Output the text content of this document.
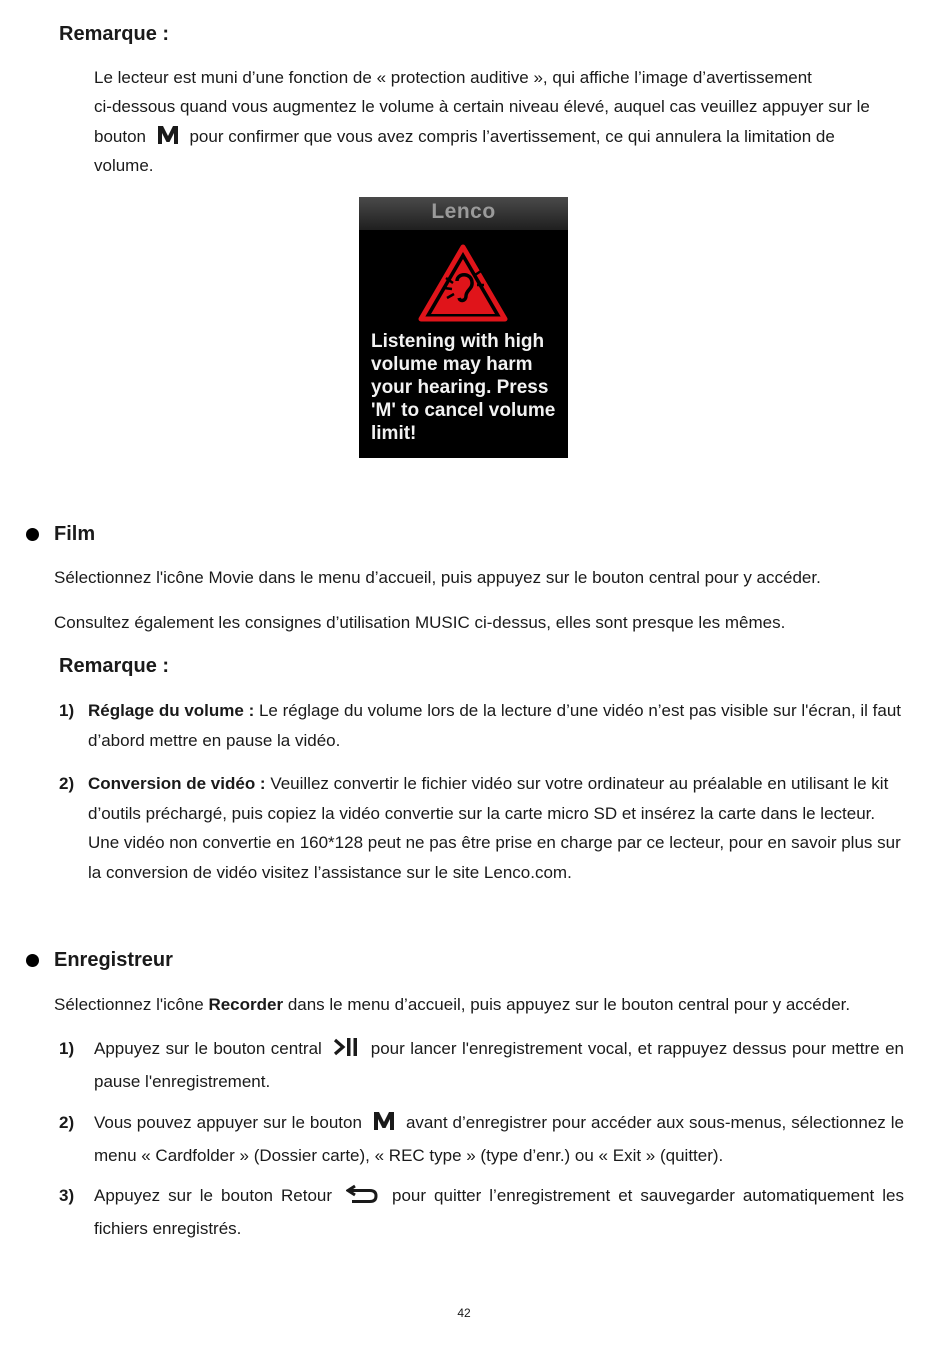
Remarque :
Le lecteur est muni d’une fonction de « protection auditive », qui affiche l’image d’avertissement
ci-dessous quand vous augmentez le volume à certain niveau élevé, auquel cas veuillez appuyer sur le
bouton	pour confirmer que vous avez compris l’avertissement, ce qui annulera la limitation de
volume.
Lenco
Listening with high volume may harm your hearing. Press 'M' to cancel volume limit!
Film
Sélectionnez l'icône Movie dans le menu d’accueil, puis appuyez sur le bouton central pour y accéder.
Consultez également les consignes d’utilisation MUSIC ci-dessus, elles sont presque les mêmes.
Remarque :
1) Réglage du volume : Le réglage du volume lors de la lecture d’une vidéo n’est pas visible sur l'écran, il faut d’abord mettre en pause la vidéo.
2) Conversion de vidéo : Veuillez convertir le fichier vidéo sur votre ordinateur au préalable en utilisant le kit d’outils préchargé, puis copiez la vidéo convertie sur la carte micro SD et insérez la carte dans le lecteur. Une vidéo non convertie en 160*128 peut ne pas être prise en charge par ce lecteur, pour en savoir plus sur la conversion de vidéo visitez l’assistance sur le site Lenco.com.
Enregistreur
Sélectionnez l'icône Recorder dans le menu d’accueil, puis appuyez sur le bouton central pour y accéder.
1) Appuyez sur le bouton central	pour lancer l'enregistrement vocal, et rappuyez dessus pour mettre en pause l'enregistrement.
2) Vous pouvez appuyer sur le bouton	avant d’enregistrer pour accéder aux sous-menus, sélectionnez le menu « Cardfolder » (Dossier carte), « REC type » (type d’enr.) ou « Exit » (quitter).
3) Appuyez sur le bouton Retour	pour quitter l’enregistrement et sauvegarder automatiquement les fichiers enregistrés.
42
